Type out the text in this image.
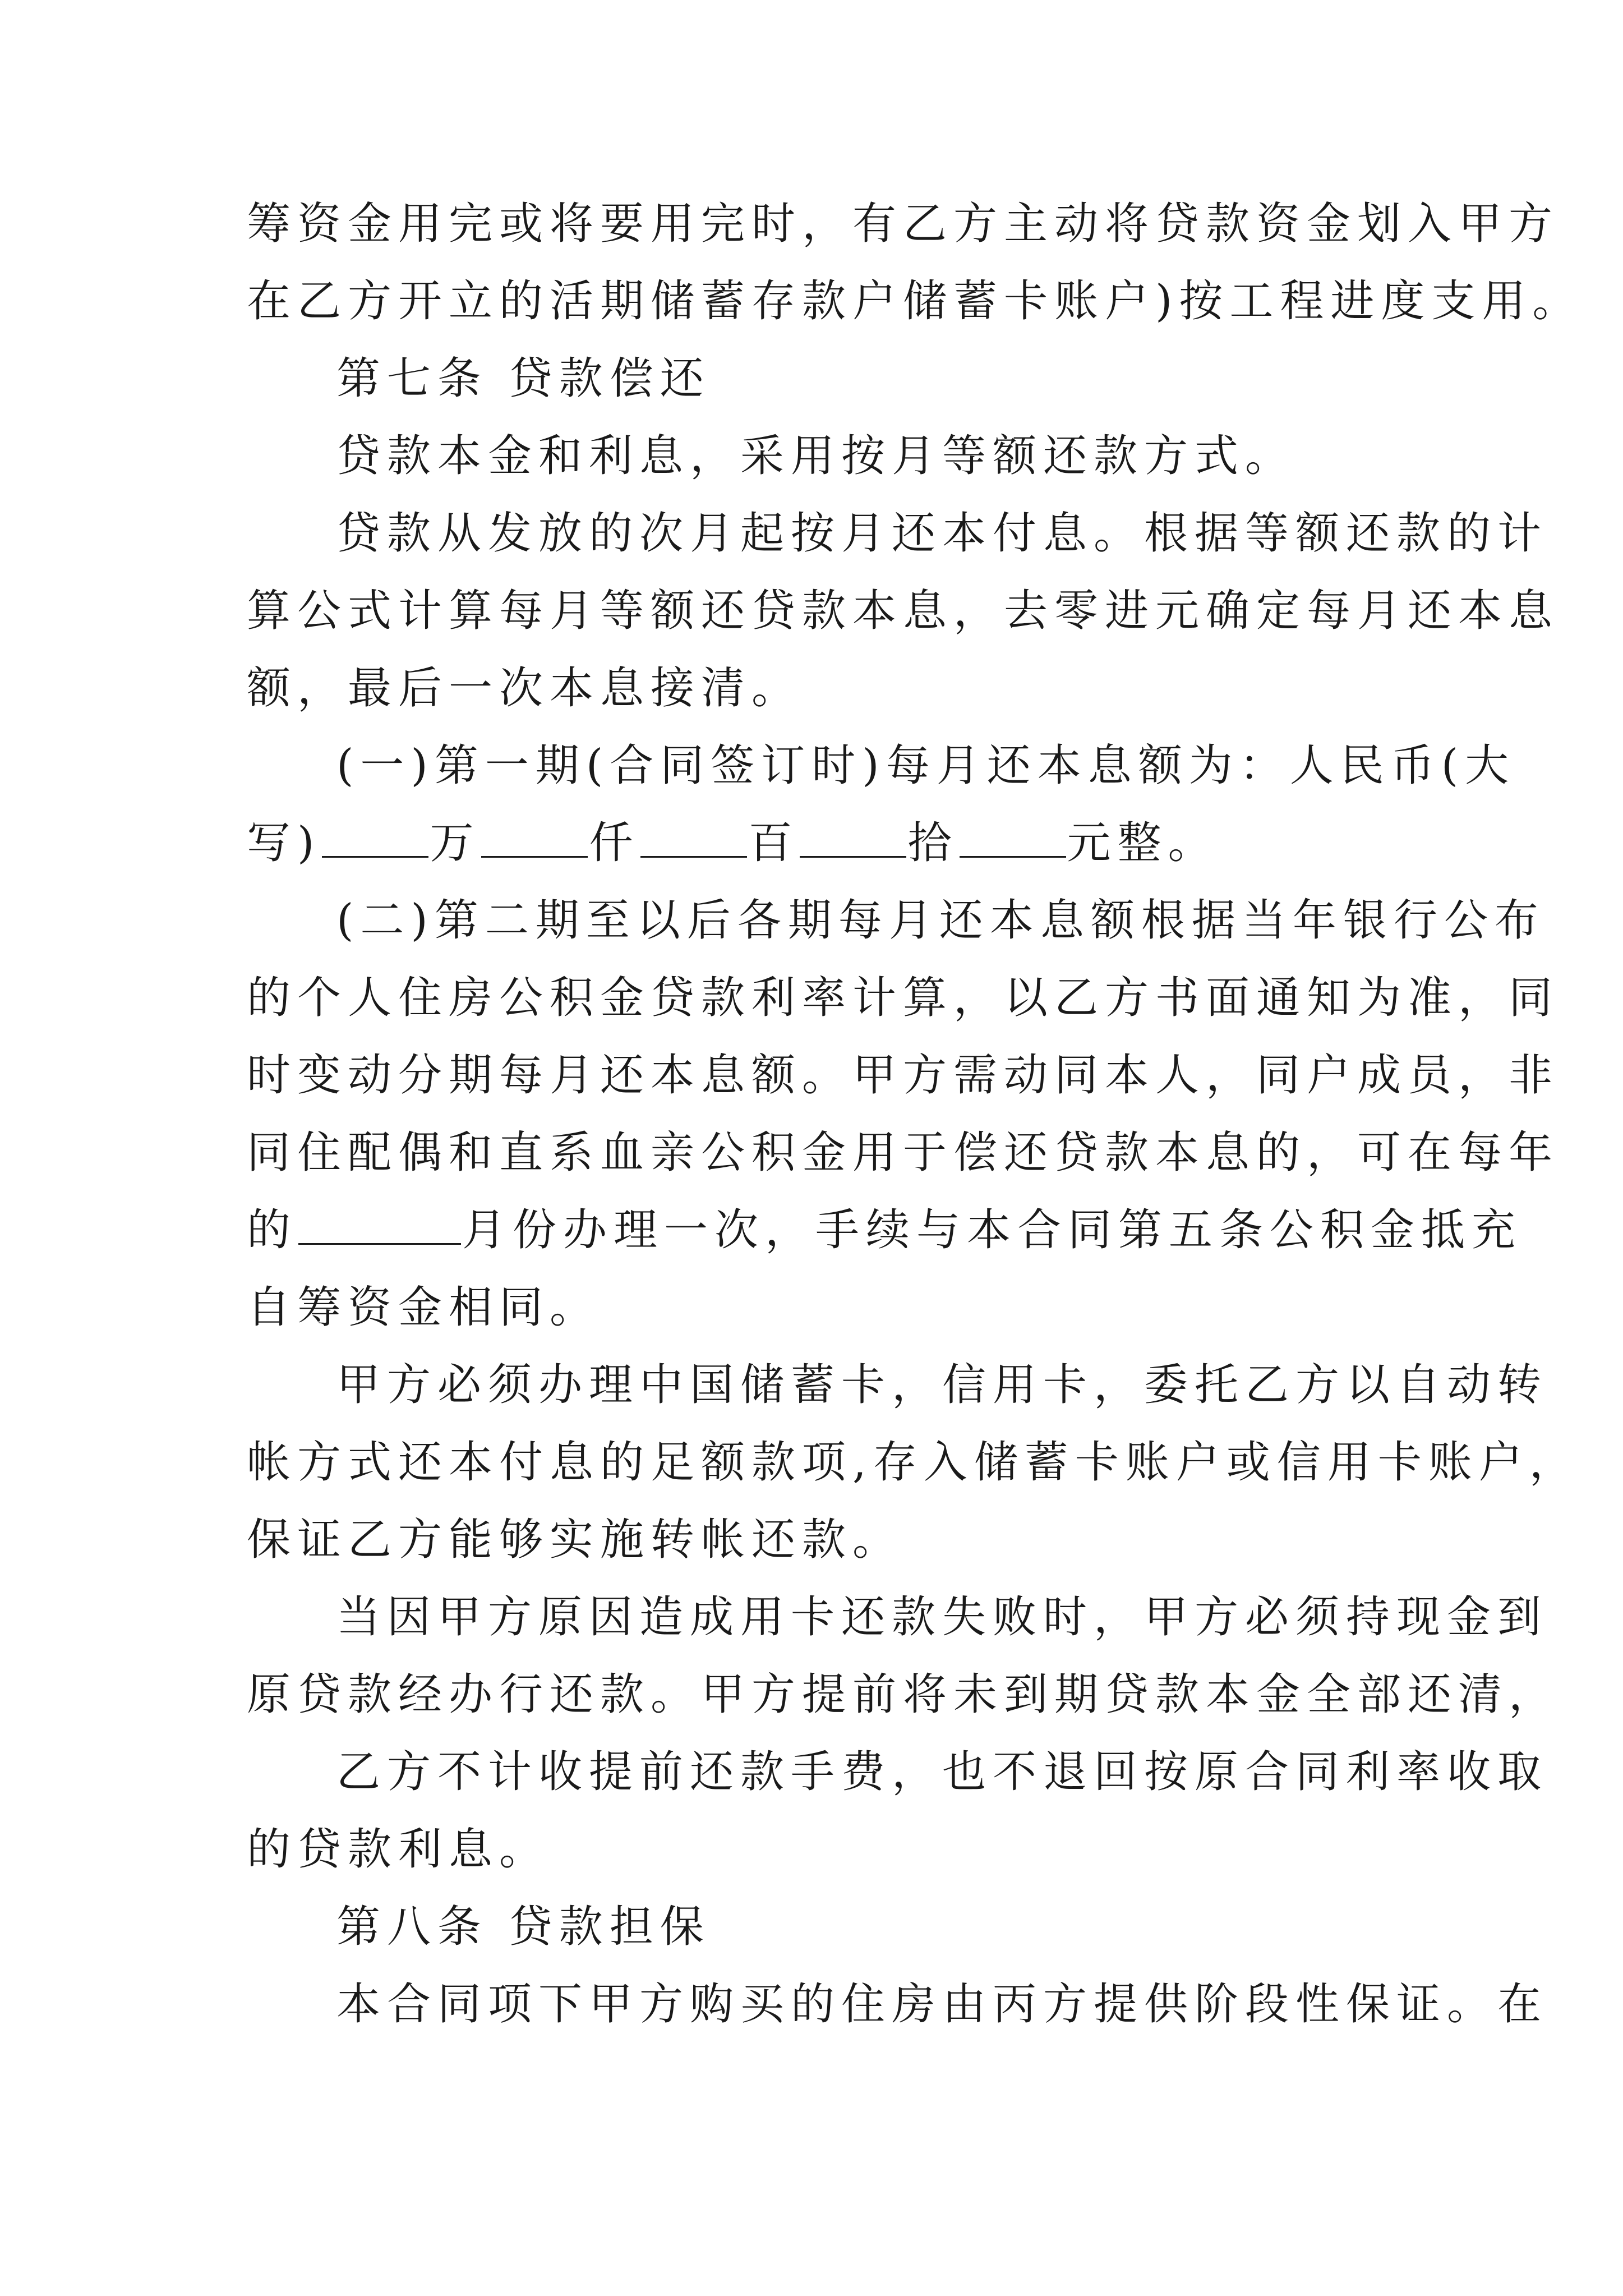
筹资金用完或将要用完时，有乙方主动将贷款资金划入甲方
在乙方开立的活期储蓄存款户储蓄卡账户)按工程进度支用。
第七条 贷款偿还
贷款本金和利息，采用按月等额还款方式。
贷款从发放的次月起按月还本付息。根据等额还款的计
算公式计算每月等额还贷款本息，去零进元确定每月还本息
额，最后一次本息接清。
(一)第一期(合同签订时)每月还本息额为：人民币(大
写) 万 仟 百 拾 元整。
(二)第二期至以后各期每月还本息额根据当年银行公布
的个人住房公积金贷款利率计算，以乙方书面通知为准，同
时变动分期每月还本息额。甲方需动同本人，同户成员，非
同住配偶和直系血亲公积金用于偿还贷款本息的，可在每年
的	月份办理一次，手续与本合同第五条公积金抵充
自筹资金相同。
甲方必须办理中国储蓄卡，信用卡，委托乙方以自动转
帐方式还本付息的足额款项,存入储蓄卡账户或信用卡账户，
保证乙方能够实施转帐还款。
当因甲方原因造成用卡还款失败时，甲方必须持现金到
原贷款经办行还款。甲方提前将未到期贷款本金全部还清，
乙方不计收提前还款手费，也不退回按原合同利率收取
的贷款利息。
第八条 贷款担保
本合同项下甲方购买的住房由丙方提供阶段性保证。在
